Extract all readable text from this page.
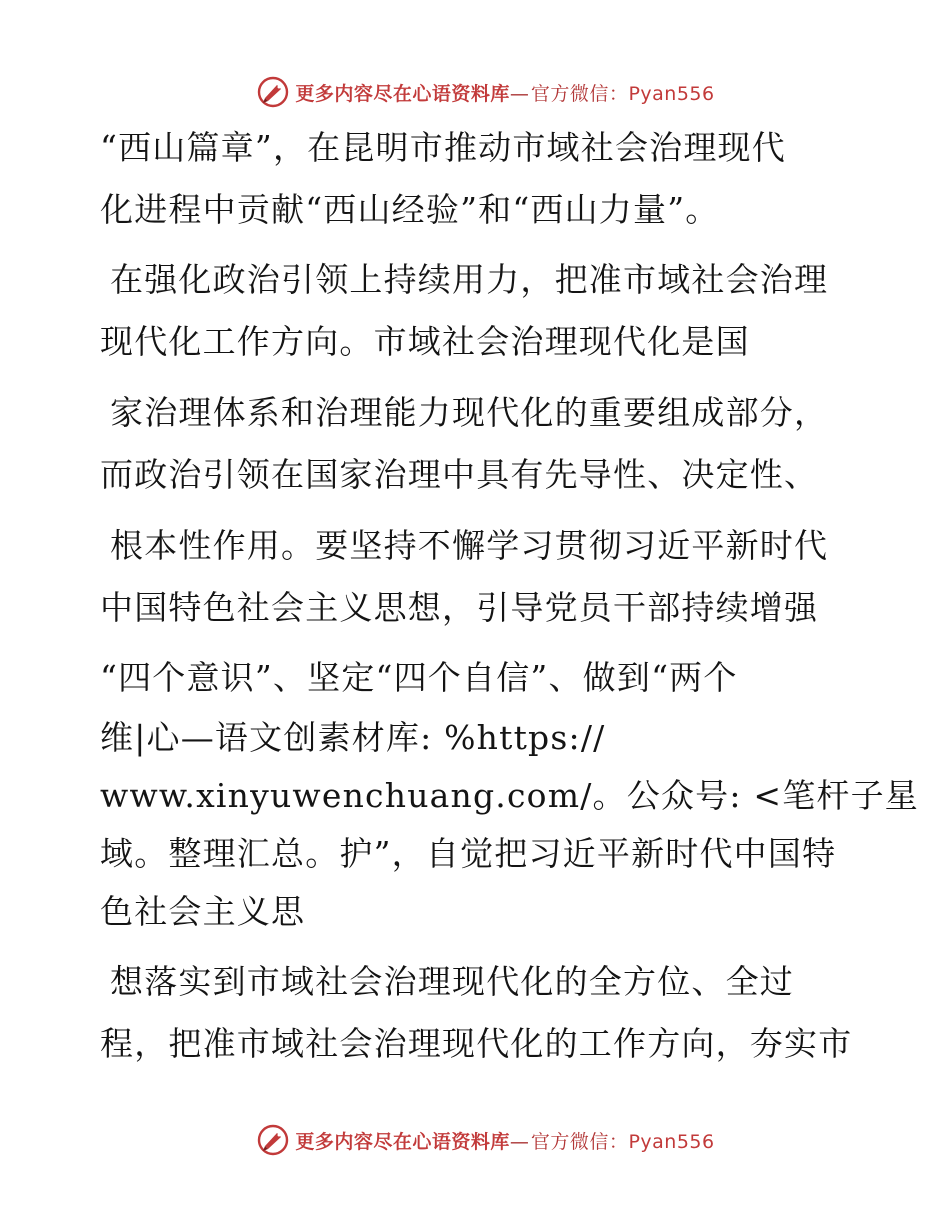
更多内容尽在心语资料库—官方微信：Pyan556
“西山篇章”，在昆明市推动市域社会治理现代
化进程中贡献“西山经验”和“西山力量”。
在强化政治引领上持续用力，把准市域社会治理
现代化工作方向。市域社会治理现代化是国
家治理体系和治理能力现代化的重要组成部分，
而政治引领在国家治理中具有先导性、决定性、
根本性作用。要坚持不懈学习贯彻习近平新时代
中国特色社会主义思想，引导党员干部持续增强
“四个意识”、坚定“四个自信”、做到“两个
维|心—语文创素材库: %https://
www.xinyuwenchuang.com/。公众号: <笔杆子星
域。整理汇总。护”，自觉把习近平新时代中国特
色社会主义思
想落实到市域社会治理现代化的全方位、全过
程，把准市域社会治理现代化的工作方向，夯实市
更多内容尽在心语资料库—官方微信：Pyan556
